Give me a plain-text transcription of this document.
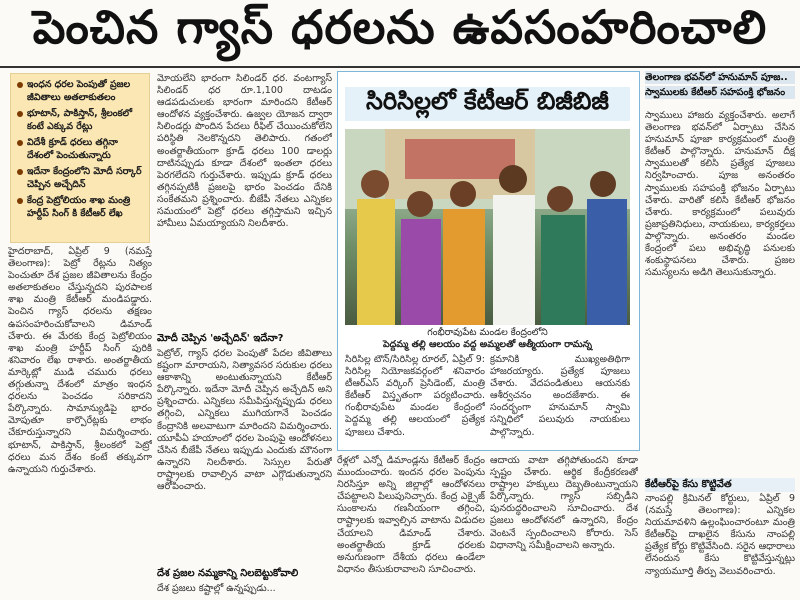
పెంచిన గ్యాస్ ధరలను ఉపసంహరించాలి
ఇంధన ధరల పెంపుతో ప్రజల జీవితాలు అతలాకుతలం
భూటాన్, పాకిస్తాన్, శ్రీలంకలో కంటే ఎక్కువ రేట్లు
విదేశీ క్రూడ్ ధరలు తగ్గినా దేశంలో పెంచుతున్నారు
ఇదేనా కేంద్రంలోని మోదీ సర్కార్ చెప్పిన అచ్చేదిన్
కేంద్ర పెట్రోలియం శాఖ మంత్రి హర్దీప్ సింగ్ కి కేటీఆర్ లేఖ
హైదరాబాద్, ఏప్రిల్ 9 (నమస్తే తెలంగాణ): పెట్రో రేట్లను నిత్యం పెంచుతూ దేశ ప్రజల జీవితాలను కేంద్రం అతలాకుతలం చేస్తున్నదని పురపాలక శాఖ మంత్రి కేటీఆర్ మండిపడ్డారు. పెంచిన గ్యాస్ ధరలను తక్షణం ఉపసంహరించుకోవాలని డిమాండ్ చేశారు. ఈ మేరకు కేంద్ర పెట్రోలియం శాఖ మంత్రి హర్దీప్ సింగ్ పురికి శనివారం లేఖ రాశారు. అంతర్జాతీయ మార్కెట్లో ముడి చమురు ధరలు తగ్గుతున్నా దేశంలో మాత్రం ఇంధన ధరలను పెంచడం సరికాదని పేర్కొన్నారు. సామాన్యుడిపై భారం మోపుతూ కార్పొరేట్లకు లాభం చేకూరుస్తున్నారని విమర్శించారు. భూటాన్, పాకిస్తాన్, శ్రీలంకలో పెట్రో ధరలు మన దేశం కంటే తక్కువగా ఉన్నాయని గుర్తుచేశారు.
మోయలేని భారంగా సిలిండర్ ధర. వంటగ్యాస్ సిలిండర్ ధర రూ.1,100 దాటడం ఆడపడుచులకు భారంగా మారిందని కేటీఆర్ ఆందోళన వ్యక్తంచేశారు. ఉజ్వల యోజన ద్వారా సిలిండర్లు పొందిన పేదలు రీఫిల్ చేయించుకోలేని పరిస్థితి నెలకొన్నదని తెలిపారు. గతంలో అంతర్జాతీయంగా క్రూడ్ ధరలు 100 డాలర్లు దాటినప్పుడు కూడా దేశంలో ఇంతలా ధరలు పెరగలేదని గుర్తుచేశారు. ఇప్పుడు క్రూడ్ ధరలు తగ్గినప్పటికీ ప్రజలపై భారం పెంచడం దేనికి సంకేతమని ప్రశ్నించారు. బీజేపీ నేతలు ఎన్నికల సమయంలో పెట్రో ధరలు తగ్గిస్తామని ఇచ్చిన హామీలు ఏమయ్యాయని నిలదీశారు.
మోదీ చెప్పిన 'అచ్చేదిన్' ఇదేనా?
పెట్రోల్, గ్యాస్ ధరల పెంపుతో పేదల జీవితాలు కష్టంగా మారాయని, నిత్యావసర సరుకుల ధరలు ఆకాశాన్ని అంటుతున్నాయని కేటీఆర్ పేర్కొన్నారు. ఇదేనా మోదీ చెప్పిన అచ్చేదిన్ అని ప్రశ్నించారు. ఎన్నికలు సమీపిస్తున్నప్పుడు ధరలు తగ్గించి, ఎన్నికలు ముగియగానే పెంచడం కేంద్రానికి అలవాటుగా మారిందని విమర్శించారు. యూపీఏ హయాంలో ధరల పెంపుపై ఆందోళనలు చేసిన బీజేపీ నేతలు ఇప్పుడు ఎందుకు మౌనంగా ఉన్నారని నిలదీశారు. సెస్సుల పేరుతో రాష్ట్రాలకు రావాల్సిన వాటా ఎగ్గొడుతున్నారని ఆరోపించారు.
దేశ ప్రజల నమ్మకాన్ని నిలబెట్టుకోవాలి
దేశ ప్రజలు కష్టాల్లో ఉన్నప్పుడు...
సిరిసిల్లలో కేటీఆర్ బిజీబిజీ
గంభీరావుపేట మండల కేంద్రంలోని
పెద్దమ్మ తల్లి ఆలయం వద్ద అమ్మలతో ఆత్మీయంగా రామన్న
సిరిసిల్ల టౌన్/సిరిసిల్ల రూరల్, ఏప్రిల్ 9: సిరిసిల్ల నియోజకవర్గంలో శనివారం టీఆర్ఎస్ వర్కింగ్ ప్రెసిడెంట్, మంత్రి కేటీఆర్ విస్తృతంగా పర్యటించారు. గంభీరావుపేట మండల కేంద్రంలో పెద్దమ్మ తల్లి ఆలయంలో ప్రత్యేక పూజలు చేశారు.
క్రమానికి ముఖ్యఅతిథిగా హాజరయ్యారు. ప్రత్యేక పూజలు చేశారు. వేదపండితులు ఆయనకు ఆశీర్వచనం అందజేశారు. ఈ సందర్భంగా హనుమాన్ స్వామి సన్నిధిలో పలువురు నాయకులు పాల్గొన్నారు.
రేళ్లలో ఎన్నో డిమాండ్లను కేటీఆర్ కేంద్రం ముందుంచారు. ఇందన ధరల పెంపును నిరసిస్తూ అన్ని జిల్లాల్లో ఆందోళనలు చేపట్టాలని పిలుపునిచ్చారు. కేంద్ర ఎక్సైజ్ సుంకాలను గణనీయంగా తగ్గించి, రాష్ట్రాలకు ఇవ్వాల్సిన వాటాను విడుదల చేయాలని డిమాండ్ చేశారు. అంతర్జాతీయ క్రూడ్ ధరలకు అనుగుణంగా దేశీయ ధరలు ఉండేలా విధానం తీసుకురావాలని సూచించారు.
ఆదాయ వాటా తగ్గిపోతుందని కూడా స్పష్టం చేశారు. ఆర్థిక కేంద్రీకరణతో రాష్ట్రాల హక్కులు దెబ్బతింటున్నాయని పేర్కొన్నారు. గ్యాస్ సబ్సిడీని పునరుద్ధరించాలని సూచించారు. దేశ ప్రజలు ఆందోళనలో ఉన్నారని, కేంద్రం వెంటనే స్పందించాలని కోరారు. సెస్ విధానాన్ని సమీక్షించాలని అన్నారు.
తెలంగాణ భవన్‌లో హనుమాన్ పూజ..
స్వాములకు కేటీఆర్ సహపంక్తి భోజనం
స్వాములు హాజరు వ్యక్తంచేశారు. అలాగే తెలంగాణ భవన్‌లో ఏర్పాటు చేసిన హనుమాన్ పూజా కార్యక్రమంలో మంత్రి కేటీఆర్ పాల్గొన్నారు. హనుమాన్ దీక్ష స్వాములతో కలిసి ప్రత్యేక పూజలు నిర్వహించారు. పూజ అనంతరం స్వాములకు సహపంక్తి భోజనం ఏర్పాటు చేశారు. వారితో కలిసి కేటీఆర్ భోజనం చేశారు. కార్యక్రమంలో పలువురు ప్రజాప్రతినిధులు, నాయకులు, కార్యకర్తలు పాల్గొన్నారు. అనంతరం మండల కేంద్రంలో పలు అభివృద్ధి పనులకు శంకుస్థాపనలు చేశారు. ప్రజల సమస్యలను అడిగి తెలుసుకున్నారు.
కేటీఆర్‌పై కేసు కొట్టివేత
నాంపల్లి క్రిమినల్ కోర్టులు, ఏప్రిల్ 9 (నమస్తే తెలంగాణ): ఎన్నికల నియమావళిని ఉల్లంఘించారంటూ మంత్రి కేటీఆర్‌పై దాఖలైన కేసును నాంపల్లి ప్రత్యేక కోర్టు కొట్టివేసింది. సరైన ఆధారాలు లేనందున కేసు కొట్టివేస్తున్నట్లు న్యాయమూర్తి తీర్పు వెలువరించారు.
